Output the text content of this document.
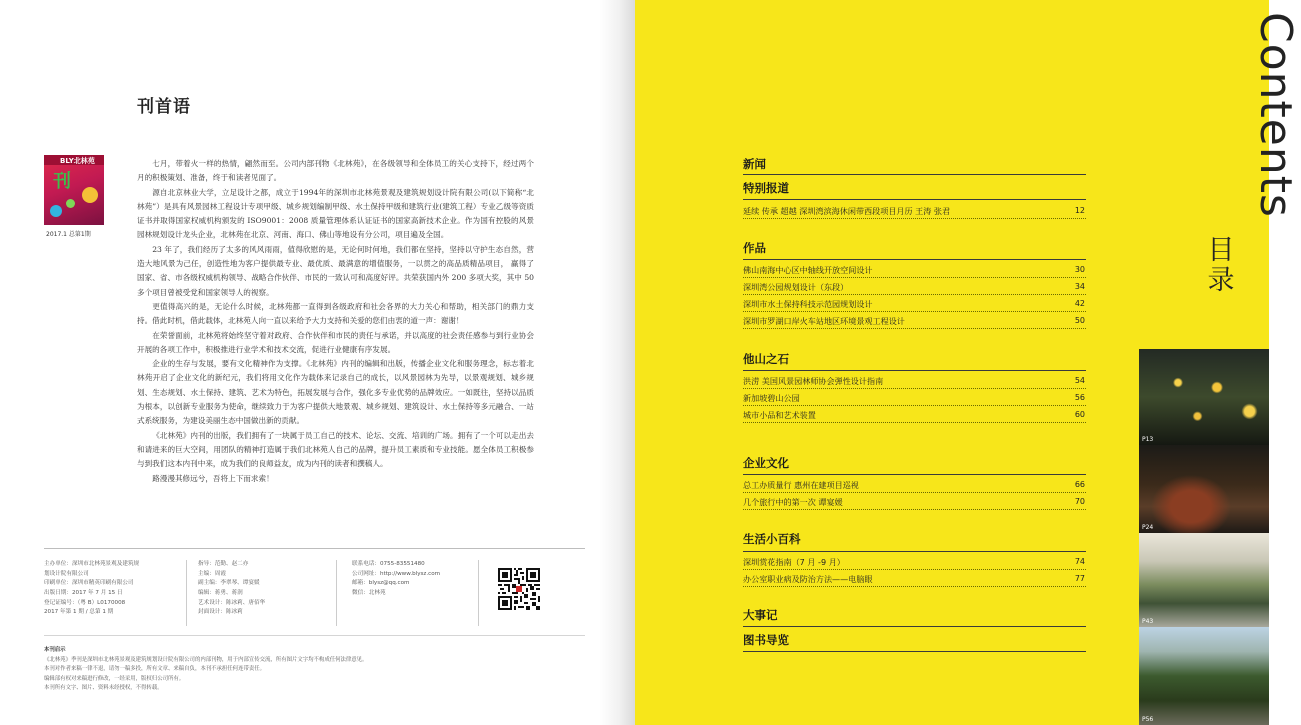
刊首语
BLY北林苑
刊
2017.1 总第1期

七月，带着火一样的热情，翩然而至。公司内部刊物《北林苑》，在各级领导和全体员工的关心支持下，经过两个月的积极策划、准备，终于和读者见面了。

源自北京林业大学，立足设计之都，成立于1994年的深圳市北林苑景观及建筑规划设计院有限公司(以下简称“北林苑”）是具有风景园林工程设计专项甲级、城乡规划编制甲级、水土保持甲级和建筑行业(建筑工程）专业乙级等资质证书并取得国家权威机构颁发的 ISO9001：2008 质量管理体系认证证书的国家高新技术企业。作为国有控股的风景园林规划设计龙头企业，北林苑在北京、河南、海口、佛山等地设有分公司，项目遍及全国。

23 年了，我们经历了太多的风风雨雨，值得欣慰的是，无论何时何地，我们都在坚持，坚持以守护生态自然，营造大地风景为己任，创造性地为客户提供最专业、最优质、最满意的增值服务，一以贯之的高品质精品项目， 赢得了国家、省、市各级权威机构领导、战略合作伙伴、市民的一致认可和高度好评。共荣获国内外 200 多项大奖，其中 50 多个项目曾被受党和国家领导人的视察。

更值得高兴的是，无论什么时候，北林苑都一直得到各级政府和社会各界的大力关心和帮助，相关部门的鼎力支持。借此时机，借此载体，北林苑人向一直以来给予大力支持和关爱的您们由衷的道一声：谢谢！

在荣誉面前，北林苑将始终坚守着对政府、合作伙伴和市民的责任与承诺，并以高度的社会责任感参与到行业协会开展的各项工作中，积极推进行业学术和技术交流，促进行业健康有序发展。

企业的生存与发展，要有文化精神作为支撑。《北林苑》内刊的编辑和出版，传播企业文化和服务理念，标志着北林苑开启了企业文化的新纪元，我们将用文化作为载体来记录自己的成长，以风景园林为先导，以景观规划、城乡规划、生态规划、水土保持、建筑、艺术为特色，拓展发展与合作，强化多专业优势的品牌效应。一如既往，坚持以品质为根本，以创新专业服务为使命，继续致力于为客户提供大地景观、城乡规划、建筑设计、水土保持等多元融合、一站式系统服务，为建设美丽生态中国做出新的贡献。

《北林苑》内刊的出版，我们拥有了一块属于员工自己的技术、论坛、交流、培训的广场。拥有了一个可以走出去和请进来的巨大空间，用团队的精神打造属于我们北林苑人自己的品牌，提升员工素质和专业技能。愿全体员工积极参与到我们这本内刊中来，成为我们的良师益友，成为内刊的读者和撰稿人。

路漫漫其修远兮，吾将上下而求索！

主办单位：深圳市北林苑景观及建筑规
划设计院有限公司
印刷单位：深圳市精英印刷有限公司
出版日期：2017 年 7 月 15 日
登记证编号：（粤 B）L0170008
2017 年第 1 期 / 总第 1 期
指导：范勤、赵二亦
主编：周霞
副主编：李翠琴、谭宴媛
编辑：蒋勇、蒋润
艺术设计：陈冰莉、唐佰华
封面设计：陈冰莉
联系电话：0755-83551480
公司网址：http://www.blysz.com
邮箱：blysz@qq.com
微信：北林苑
本刊启示
《北林苑》季刊是深圳市北林苑景观及建筑规划设计院有限公司的内部刊物，用于内部宣传交流，所有图片文字均不构成任何法律意见。
本刊对作者来稿一律不退，请勿一稿多投，所有文章、来稿自负，本刊不承担任何连带责任。
编辑部有权对来稿进行修改，一经采用，版权归公司所有。
本刊所有文字、图片、资料未经授权，不得转载。
Contents
目
录
新闻
特别报道
延续 传承 超越 深圳湾滨海休闲带西段项目月历 王涛 张君	12
作品
佛山南海中心区中轴线开放空间设计	30
深圳湾公园规划设计（东段）	34
深圳市水土保持科技示范园规划设计	42
深圳市罗湖口岸火车站地区环境景观工程设计	50
他山之石
洪涝 美国风景园林师协会弹性设计指南	54
新加坡碧山公园	56
城市小品和艺术装置	60
企业文化
总工办质量行 惠州在建项目巡视	66
几个旅行中的第一次 谭宴媛	70
生活小百科
深圳赏花指南（7 月 -9 月）	74
办公室职业病及防治方法——电脑眼	77
大事记
图书导览
P13
P24
P43
P56
